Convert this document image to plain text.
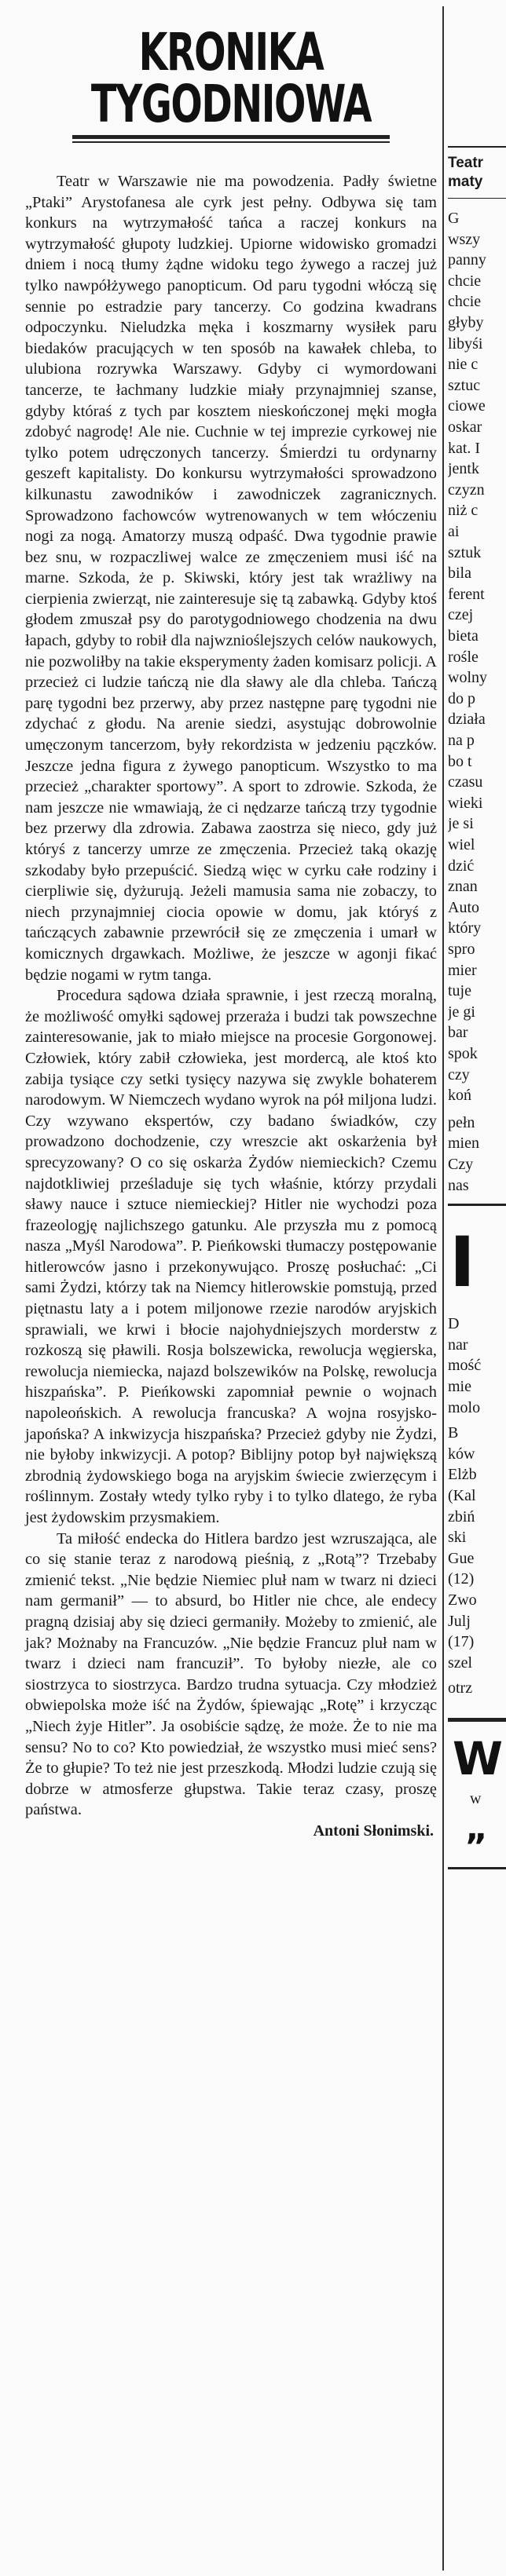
KRONIKA TYGODNIOWA

Teatr w Warszawie nie ma powodzenia. Padły świetne „Ptaki” Arystofanesa ale cyrk jest pełny. Odbywa się tam konkurs na wytrzymałość tańca a raczej konkurs na wytrzymałość głupoty ludzkiej. Upiorne widowisko gromadzi dniem i nocą tłumy żądne widoku tego żywego a raczej już tylko nawpółżywego panopticum. Od paru tygodni włóczą się sennie po estradzie pary tancerzy. Co godzina kwadrans odpoczynku. Nieludzka męka i koszmarny wysiłek paru biedaków pracujących w ten sposób na kawałek chleba, to ulubiona rozrywka Warszawy. Gdyby ci wymordowani tancerze, te łachmany ludzkie miały przynajmniej szanse, gdyby któraś z tych par kosztem nieskończonej męki mogła zdobyć nagrodę! Ale nie. Cuchnie w tej imprezie cyrkowej nie tylko potem udręczonych tancerzy. Śmierdzi tu ordynarny geszeft kapitalisty. Do konkursu wytrzymałości sprowadzono kilkunastu zawodników i zawodniczek zagranicznych. Sprowadzono fachowców wytrenowanych w tem włóczeniu nogi za nogą. Amatorzy muszą odpaść. Dwa tygodnie prawie bez snu, w rozpaczliwej walce ze zmęczeniem musi iść na marne. Szkoda, że p. Skiwski, który jest tak wrażliwy na cierpienia zwierząt, nie zainteresuje się tą zabawką. Gdyby ktoś głodem zmuszał psy do parotygodniowego chodzenia na dwu łapach, gdyby to robił dla najwznioślejszych celów naukowych, nie pozwoliłby na takie eksperymenty żaden komisarz policji. A przecież ci ludzie tańczą nie dla sławy ale dla chleba. Tańczą parę tygodni bez przerwy, aby przez następne parę tygodni nie zdychać z głodu. Na arenie siedzi, asystując dobrowolnie umęczonym tancerzom, były rekordzista w jedzeniu pączków. Jeszcze jedna figura z żywego panopticum. Wszystko to ma przecież „charakter sportowy”. A sport to zdrowie. Szkoda, że nam jeszcze nie wmawiają, że ci nędzarze tańczą trzy tygodnie bez przerwy dla zdrowia. Zabawa zaostrza się nieco, gdy już któryś z tancerzy umrze ze zmęczenia. Przecież taką okazję szkodaby było przepuścić. Siedzą więc w cyrku całe rodziny i cierpliwie się, dyżurują. Jeżeli mamusia sama nie zobaczy, to niech przynajmniej ciocia opowie w domu, jak któryś z tańczących zabawnie przewrócił się ze zmęczenia i umarł w komicznych drgawkach. Możliwe, że jeszcze w agonji fikać będzie nogami w rytm tanga.

Procedura sądowa działa sprawnie, i jest rzeczą moralną, że możliwość omyłki sądowej przeraża i budzi tak powszechne zainteresowanie, jak to miało miejsce na procesie Gorgonowej. Człowiek, który zabił człowieka, jest mordercą, ale ktoś kto zabija tysiące czy setki tysięcy nazywa się zwykle bohaterem narodowym. W Niemczech wydano wyrok na pół miljona ludzi. Czy wzywano ekspertów, czy badano świadków, czy prowadzono dochodzenie, czy wreszcie akt oskarżenia był sprecyzowany? O co się oskarża Żydów niemieckich? Czemu najdotkliwiej prześladuje się tych właśnie, którzy przydali sławy nauce i sztuce niemieckiej? Hitler nie wychodzi poza frazeologję najlichszego gatunku. Ale przyszła mu z pomocą nasza „Myśl Narodowa”. P. Pieńkowski tłumaczy postępowanie hitlerowców jasno i przekonywująco. Proszę posłuchać: „Ci sami Żydzi, którzy tak na Niemcy hitlerowskie pomstują, przed piętnastu laty a i potem miljonowe rzezie narodów aryjskich sprawiali, we krwi i błocie najohydniejszych morderstw z rozkoszą się pławili. Rosja bolszewicka, rewolucja węgierska, rewolucja niemiecka, najazd bolszewików na Polskę, rewolucja hiszpańska”. P. Pieńkowski zapomniał pewnie o wojnach napoleońskich. A rewolucja francuska? A wojna rosyjsko-japońska? A inkwizycja hiszpańska? Przecież gdyby nie Żydzi, nie byłoby inkwizycji. A potop? Biblijny potop był największą zbrodnią żydowskiego boga na aryjskim świecie zwierzęcym i roślinnym. Zostały wtedy tylko ryby i to tylko dlatego, że ryba jest żydowskim przysmakiem.

Ta miłość endecka do Hitlera bardzo jest wzruszająca, ale co się stanie teraz z narodową pieśnią, z „Rotą”? Trzebaby zmienić tekst. „Nie będzie Niemiec pluł nam w twarz ni dzieci nam germanił” — to absurd, bo Hitler nie chce, ale endecy pragną dzisiaj aby się dzieci germaniły. Możeby to zmienić, ale jak? Możnaby na Francuzów. „Nie będzie Francuz pluł nam w twarz i dzieci nam francuził”. To byłoby niezłe, ale co siostrzyca to siostrzyca. Bardzo trudna sytuacja. Czy młodzież obwiepolska może iść na Żydów, śpiewając „Rotę” i krzycząc „Niech żyje Hitler”. Ja osobiście sądzę, że może. Że to nie ma sensu? No to co? Kto powiedział, że wszystko musi mieć sens? Że to głupie? To też nie jest przeszkodą. Młodzi ludzie czują się dobrze w atmosferze głupstwa. Takie teraz czasy, proszę państwa.

Antoni Słonimski.
Teatr
maty
G
wszy
panny
chcie
chcie
głyby
libyśi
nie c
sztuc
ciowe
oskar
kat. I
jentk
czyzn
niż c
ai
sztuk
bila
ferent
czej
bieta
rośle
wolny
do p
działa
na p
bo t
czasu
wieki
je si
wiel
dzić
znan
Auto
który
spro
mier
tuje
je gi
bar
spok
czy
koń
pełn
mien
Czy
nas
I
D
nar
mość
mie
molo
B
ków
Elżb
(Kal
zbiń
ski
Gue
(12)
Zwo
Julj
(17)
szel
otrz
W
w
„
